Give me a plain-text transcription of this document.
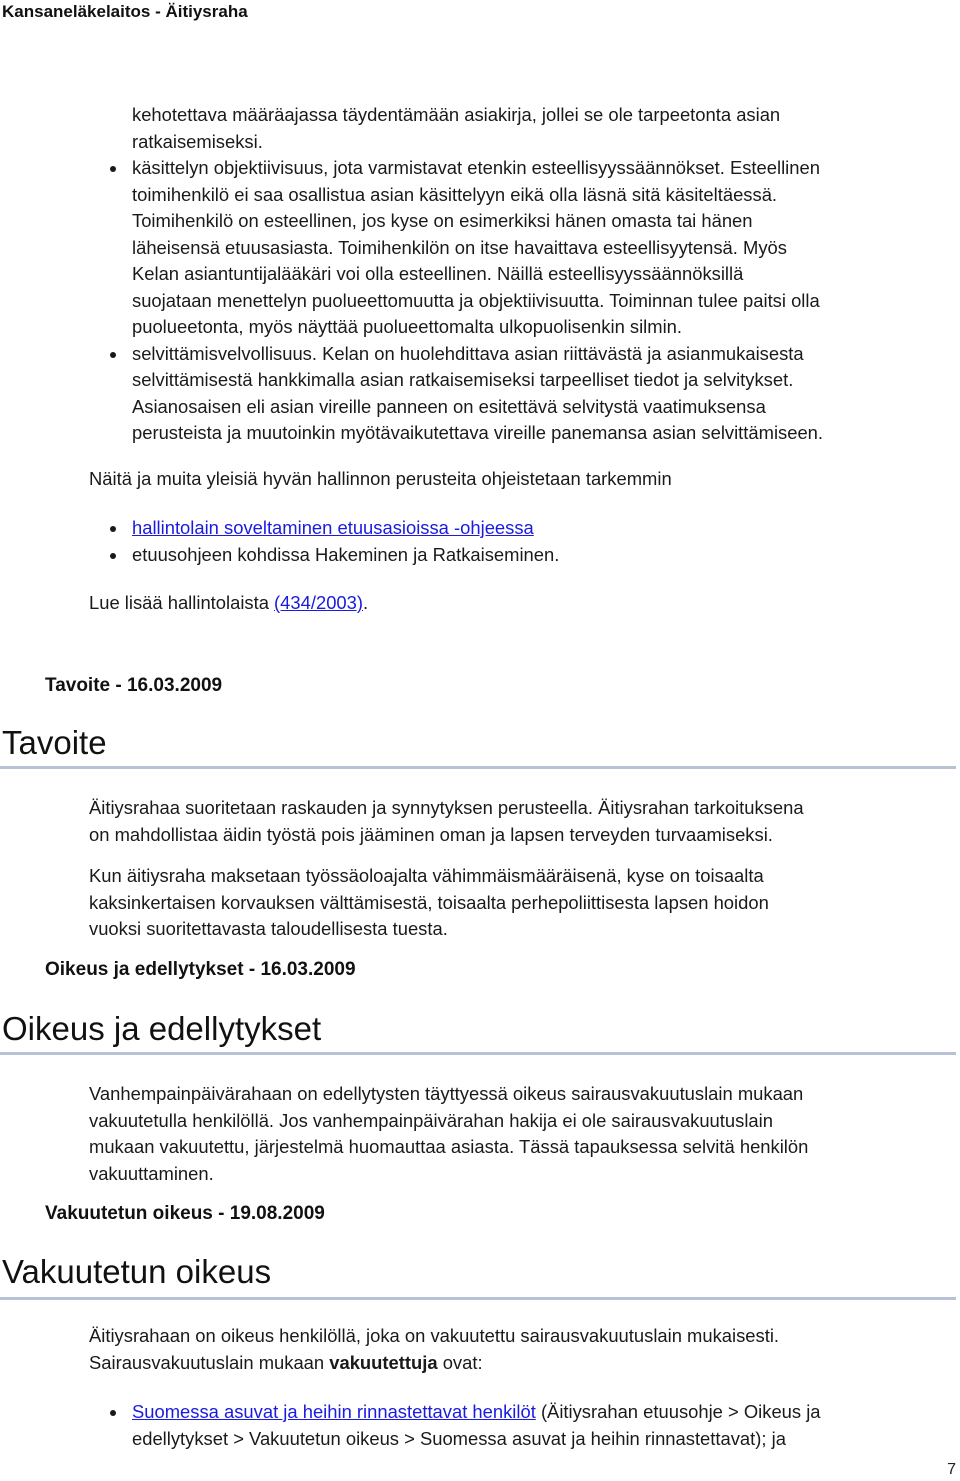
Kansaneläkelaitos - Äitiysraha

kehotettava määräajassa täydentämään asiakirja, jollei se ole tarpeetonta asian

ratkaisemiseksi.

käsittelyn objektiivisuus, jota varmistavat etenkin esteellisyyssäännökset. Esteellinen
toimihenkilö ei saa osallistua asian käsittelyyn eikä olla läsnä sitä käsiteltäessä.
Toimihenkilö on esteellinen, jos kyse on esimerkiksi hänen omasta tai hänen
läheisensä etuusasiasta. Toimihenkilön on itse havaittava esteellisyytensä. Myös
Kelan asiantuntijalääkäri voi olla esteellinen. Näillä esteellisyyssäännöksillä
suojataan menettelyn puolueettomuutta ja objektiivisuutta. Toiminnan tulee paitsi olla
puolueetonta, myös näyttää puolueettomalta ulkopuolisenkin silmin.
selvittämisvelvollisuus. Kelan on huolehdittava asian riittävästä ja asianmukaisesta
selvittämisestä hankkimalla asian ratkaisemiseksi tarpeelliset tiedot ja selvitykset.
Asianosaisen eli asian vireille panneen on esitettävä selvitystä vaatimuksensa
perusteista ja muutoinkin myötävaikutettava vireille panemansa asian selvittämiseen.

Näitä ja muita yleisiä hyvän hallinnon perusteita ohjeistetaan tarkemmin

hallintolain soveltaminen etuusasioissa -ohjeessa
etuusohjeen kohdissa Hakeminen ja Ratkaiseminen.

Lue lisää hallintolaista (434/2003).

Tavoite - 16.03.2009
Tavoite

Äitiysrahaa suoritetaan raskauden ja synnytyksen perusteella. Äitiysrahan tarkoituksena

on mahdollistaa äidin työstä pois jääminen oman ja lapsen terveyden turvaamiseksi.

Kun äitiysraha maksetaan työssäoloajalta vähimmäismääräisenä, kyse on toisaalta

kaksinkertaisen korvauksen välttämisestä, toisaalta perhepoliittisesta lapsen hoidon

vuoksi suoritettavasta taloudellisesta tuesta.

Oikeus ja edellytykset - 16.03.2009
Oikeus ja edellytykset

Vanhempainpäivärahaan on edellytysten täyttyessä oikeus sairausvakuutuslain mukaan

vakuutetulla henkilöllä. Jos vanhempainpäivärahan hakija ei ole sairausvakuutuslain

mukaan vakuutettu, järjestelmä huomauttaa asiasta. Tässä tapauksessa selvitä henkilön

vakuuttaminen.

Vakuutetun oikeus - 19.08.2009
Vakuutetun oikeus

Äitiysrahaan on oikeus henkilöllä, joka on vakuutettu sairausvakuutuslain mukaisesti.

Sairausvakuutuslain mukaan vakuutettuja ovat:

Suomessa asuvat ja heihin rinnastettavat henkilöt (Äitiysrahan etuusohje > Oikeus ja
edellytykset > Vakuutetun oikeus > Suomessa asuvat ja heihin rinnastettavat); ja
7
